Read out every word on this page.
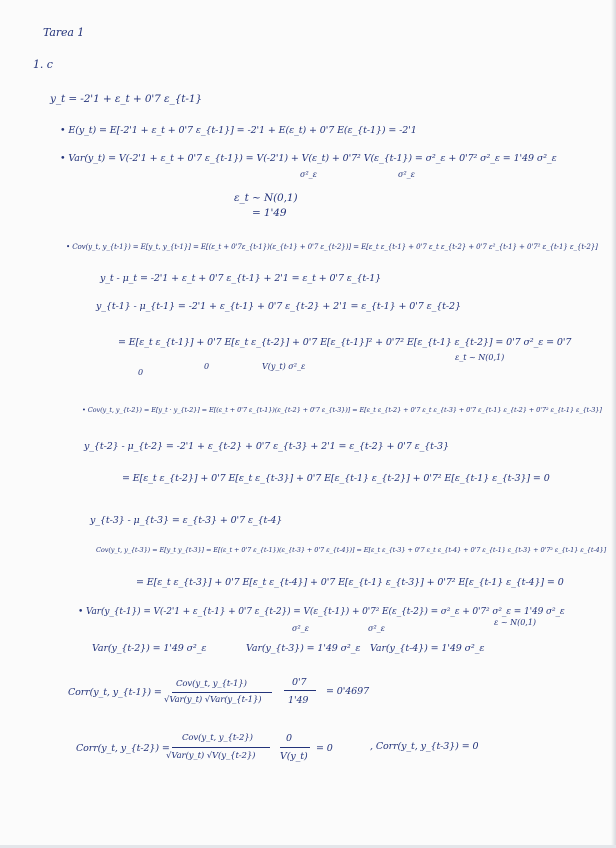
Tarea 1
1. c
y_t = -2'1 + ε_t + 0'7 ε_{t-1}
• E(y_t) = E[-2'1 + ε_t + 0'7 ε_{t-1}] = -2'1 + E(ε_t) + 0'7 E(ε_{t-1}) = -2'1
• Var(y_t) = V(-2'1 + ε_t + 0'7 ε_{t-1}) = V(-2'1) + V(ε_t) + 0'7² V(ε_{t-1}) = σ²_ε + 0'7² σ²_ε = 1'49 σ²_ε
σ²_ε	σ²_ε
ε_t ~ N(0,1)
= 1'49
• Cov(y_t, y_{t-1}) = E[y_t, y_{t-1}] = E[(ε_t + 0'7ε_{t-1})(ε_{t-1} + 0'7 ε_{t-2})] = E[ε_t ε_{t-1} + 0'7 ε_t ε_{t-2} + 0'7 ε²_{t-1} + 0'7² ε_{t-1} ε_{t-2}]
y_t - μ_t = -2'1 + ε_t + 0'7 ε_{t-1} + 2'1 = ε_t + 0'7 ε_{t-1}
y_{t-1} - μ_{t-1} = -2'1 + ε_{t-1} + 0'7 ε_{t-2} + 2'1 = ε_{t-1} + 0'7 ε_{t-2}
= E[ε_t ε_{t-1}] + 0'7 E[ε_t ε_{t-2}] + 0'7 E[ε_{t-1}]² + 0'7² E[ε_{t-1} ε_{t-2}] = 0'7 σ²_ε = 0'7
0
0	V(y_t) σ²_ε
ε_t ~ N(0,1)
• Cov(y_t, y_{t-2}) = E[y_t · y_{t-2}] = E[(ε_t + 0'7 ε_{t-1})(ε_{t-2} + 0'7 ε_{t-3})] = E[ε_t ε_{t-2} + 0'7 ε_t ε_{t-3} + 0'7 ε_{t-1} ε_{t-2} + 0'7² ε_{t-1} ε_{t-3}]
y_{t-2} - μ_{t-2} = -2'1 + ε_{t-2} + 0'7 ε_{t-3} + 2'1 = ε_{t-2} + 0'7 ε_{t-3}
= E[ε_t ε_{t-2}] + 0'7 E[ε_t ε_{t-3}] + 0'7 E[ε_{t-1} ε_{t-2}] + 0'7² E[ε_{t-1} ε_{t-3}] = 0
y_{t-3} - μ_{t-3} = ε_{t-3} + 0'7 ε_{t-4}
Cov(y_t, y_{t-3}) = E[y_t y_{t-3}] = E[(ε_t + 0'7 ε_{t-1})(ε_{t-3} + 0'7 ε_{t-4})] = E[ε_t ε_{t-3} + 0'7 ε_t ε_{t-4} + 0'7 ε_{t-1} ε_{t-3} + 0'7² ε_{t-1} ε_{t-4}]
= E[ε_t ε_{t-3}] + 0'7 E[ε_t ε_{t-4}] + 0'7 E[ε_{t-1} ε_{t-3}] + 0'7² E[ε_{t-1} ε_{t-4}] = 0
• Var(y_{t-1}) = V(-2'1 + ε_{t-1} + 0'7 ε_{t-2}) = V(ε_{t-1}) + 0'7² E(ε_{t-2}) = σ²_ε + 0'7² σ²_ε = 1'49 σ²_ε
σ²_ε	σ²_ε
ε ~ N(0,1)
Var(y_{t-2}) = 1'49 σ²_ε	Var(y_{t-3}) = 1'49 σ²_ε Var(y_{t-4}) = 1'49 σ²_ε
Corr(y_t, y_{t-1}) =
Cov(y_t, y_{t-1})
√Var(y_t) √Var(y_{t-1})
0'7
1'49
= 0'4697
Corr(y_t, y_{t-2}) =
Cov(y_t, y_{t-2})
√Var(y_t) √V(y_{t-2})
0
V(y_t)
= 0	, Corr(y_t, y_{t-3}) = 0
